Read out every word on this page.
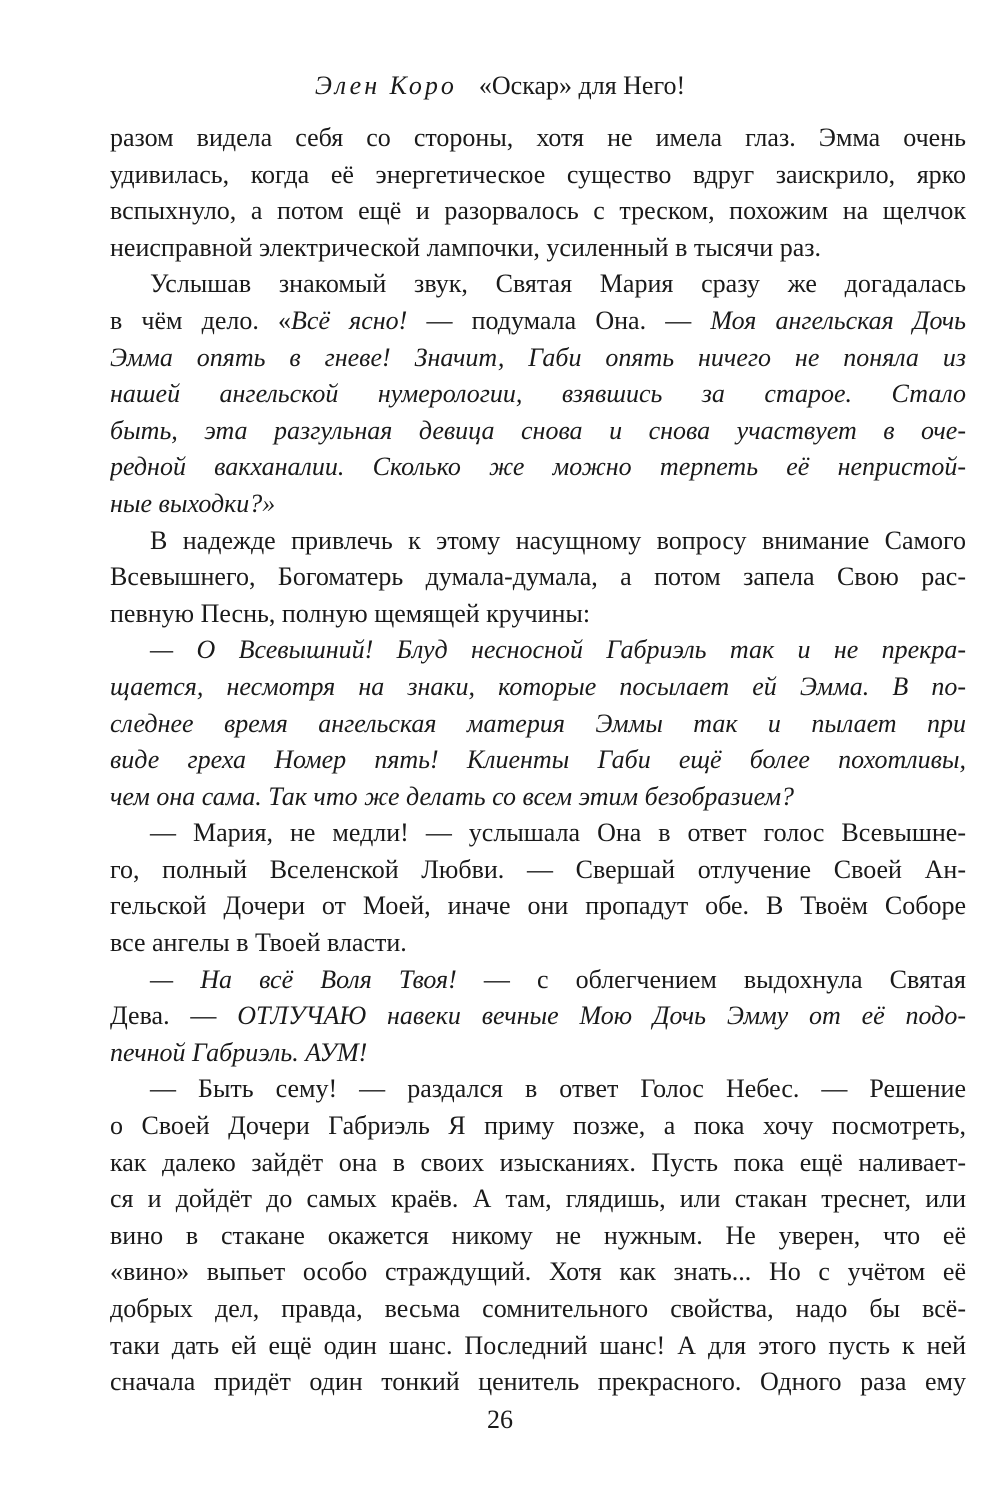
Элен Коро «Оскар» для Него!
разом видела себя со стороны, хотя не имела глаз. Эмма очень
удивилась, когда её энергетическое существо вдруг заискрило, ярко
вспыхнуло, а потом ещё и разорвалось с треском, похожим на щелчок
неисправной электрической лампочки, усиленный в тысячи раз.
Услышав знакомый звук, Святая Мария сразу же догадалась
в чём дело. «Всё ясно! — подумала Она. — Моя ангельская Дочь
Эмма опять в гневе! Значит, Габи опять ничего не поняла из
нашей ангельской нумерологии, взявшись за старое. Стало
быть, эта разгульная девица снова и снова участвует в оче-
редной вакханалии. Сколько же можно терпеть её непристой-
ные выходки?»
В надежде привлечь к этому насущному вопросу внимание Самого
Всевышнего, Богоматерь думала-думала, а потом запела Свою рас-
певную Песнь, полную щемящей кручины:
— О Всевышний! Блуд несносной Габриэль так и не прекра-
щается, несмотря на знаки, которые посылает ей Эмма. В по-
следнее время ангельская материя Эммы так и пылает при
виде греха Номер пять! Клиенты Габи ещё более похотливы,
чем она сама. Так что же делать со всем этим безобразием?
— Мария, не медли! — услышала Она в ответ голос Всевышне-
го, полный Вселенской Любви. — Свершай отлучение Своей Ан-
гельской Дочери от Моей, иначе они пропадут обе. В Твоём Соборе
все ангелы в Твоей власти.
— На всё Воля Твоя! — с облегчением выдохнула Святая
Дева. — ОТЛУЧАЮ навеки вечные Мою Дочь Эмму от её подо-
печной Габриэль. АУМ!
— Быть сему! — раздался в ответ Голос Небес. — Решение
о Своей Дочери Габриэль Я приму позже, а пока хочу посмотреть,
как далеко зайдёт она в своих изысканиях. Пусть пока ещё наливает-
ся и дойдёт до самых краёв. А там, глядишь, или стакан треснет, или
вино в стакане окажется никому не нужным. Не уверен, что её
«вино» выпьет особо страждущий. Хотя как знать... Но с учётом её
добрых дел, правда, весьма сомнительного свойства, надо бы всё-
таки дать ей ещё один шанс. Последний шанс! А для этого пусть к ней
сначала придёт один тонкий ценитель прекрасного. Одного раза ему
26
